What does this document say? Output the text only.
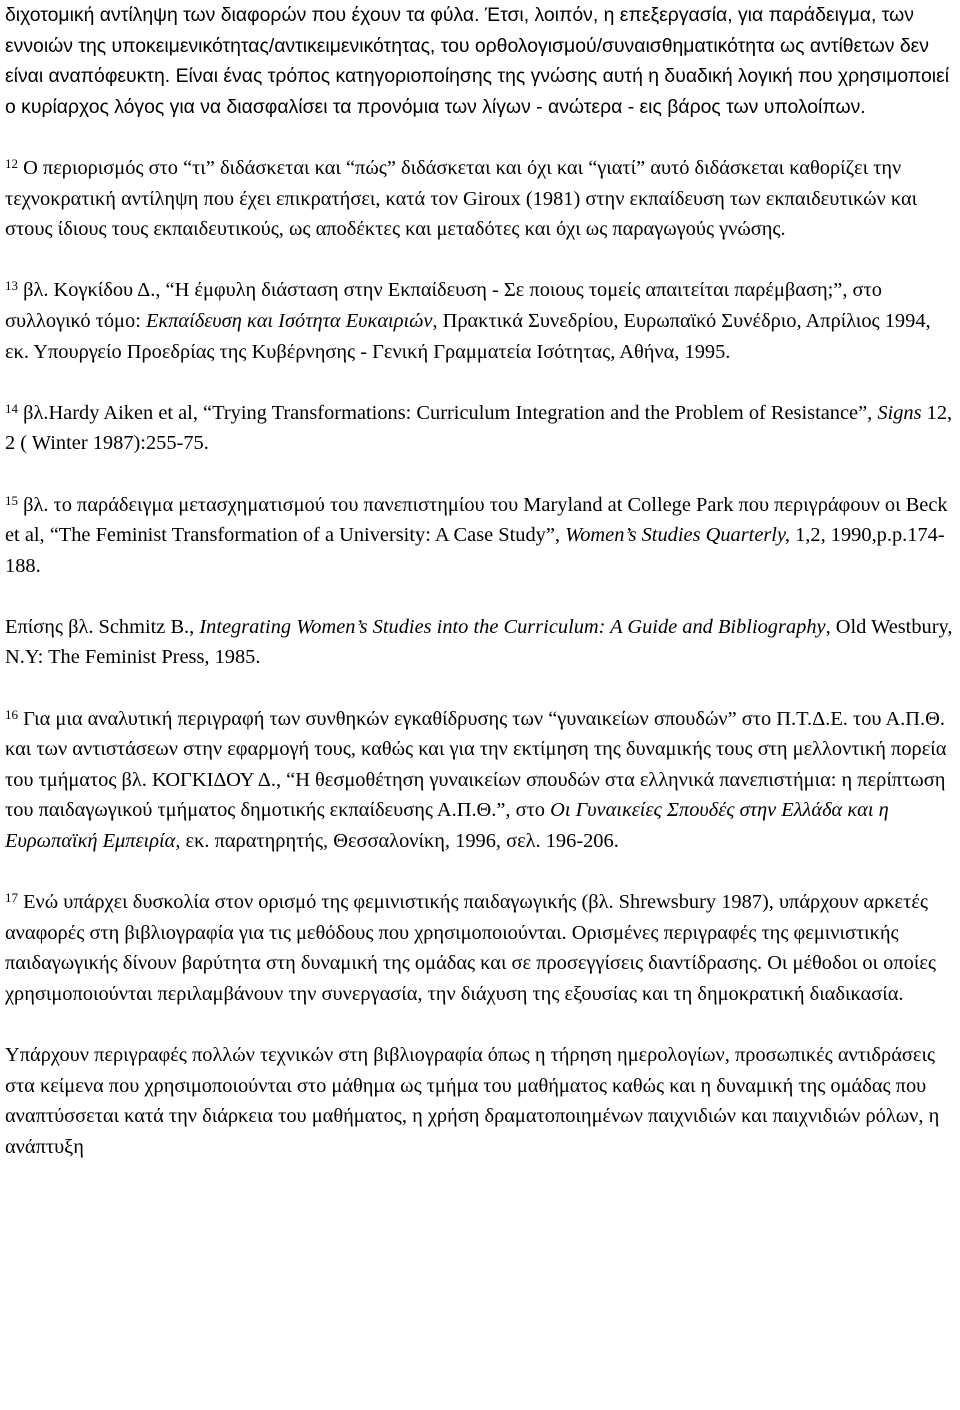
διχοτομική αντίληψη των διαφορών που έχουν τα φύλα. Έτσι, λοιπόν, η επεξεργασία, για παράδειγμα, των εννοιών της υποκειμενικότητας/αντικειμενικότητας, του ορθολογισμού/συναισθηματικότητα ως αντίθετων δεν είναι αναπόφευκτη. Είναι ένας τρόπος κατηγοριοποίησης της γνώσης αυτή η δυαδική λογική που χρησιμοποιεί ο κυρίαρχος λόγος για να διασφαλίσει τα προνόμια των λίγων - ανώτερα - εις βάρος των υπολοίπων.

$^{12}$ Ο περιορισμός στο “τι” διδάσκεται και “πώς” διδάσκεται και όχι και “γιατί” αυτό διδάσκεται καθορίζει την τεχνοκρατική αντίληψη που έχει επικρατήσει, κατά τον Giroux (1981) στην εκπαίδευση των εκπαιδευτικών και στους ίδιους τους εκπαιδευτικούς, ως αποδέκτες και μεταδότες και όχι ως παραγωγούς γνώσης.

$^{13}$ βλ. Κογκίδου Δ., “Η έμφυλη διάσταση στην Εκπαίδευση - Σε ποιους τομείς απαιτείται παρέμβαση;”, στο συλλογικό τόμο: Εκπαίδευση και Ισότητα Ευκαιριών, Πρακτικά Συνεδρίου, Ευρωπαϊκό Συνέδριο, Απρίλιος 1994, εκ. Υπουργείο Προεδρίας της Κυβέρνησης - Γενική Γραμματεία Ισότητας, Αθήνα, 1995.

$^{14}$ βλ.Hardy Aiken et al, “Trying Transformations: Curriculum Integration and the Problem of Resistance”, Signs 12, 2 ( Winter 1987):255-75.

$^{15}$ βλ. το παράδειγμα μετασχηματισμού του πανεπιστημίου του Maryland at College Park που περιγράφουν οι Beck et al, “The Feminist Transformation of a University: A Case Study”, Women’s Studies Quarterly, 1,2, 1990,p.p.174-188.

Επίσης βλ. Schmitz B., Integrating Women’s Studies into the Curriculum: A Guide and Bibliography, Old Westbury, N.Y: The Feminist Press, 1985.

$^{16}$ Για μια αναλυτική περιγραφή των συνθηκών εγκαθίδρυσης των “γυναικείων σπουδών” στο Π.Τ.Δ.Ε. του Α.Π.Θ. και των αντιστάσεων στην εφαρμογή τους, καθώς και για την εκτίμηση της δυναμικής τους στη μελλοντική πορεία του τμήματος βλ. ΚΟΓΚΙΔΟΥ Δ., “Η θεσμοθέτηση γυναικείων σπουδών στα ελληνικά πανεπιστήμια: η περίπτωση του παιδαγωγικού τμήματος δημοτικής εκπαίδευσης Α.Π.Θ.”, στο Οι Γυναικείες Σπουδές στην Ελλάδα και η Ευρωπαϊκή Εμπειρία, εκ. παρατηρητής, Θεσσαλονίκη, 1996, σελ. 196-206.

$^{17}$ Ενώ υπάρχει δυσκολία στον ορισμό της φεμινιστικής παιδαγωγικής (βλ. Shrewsbury 1987), υπάρχουν αρκετές αναφορές στη βιβλιογραφία για τις μεθόδους που χρησιμοποιούνται. Ορισμένες περιγραφές της φεμινιστικής παιδαγωγικής δίνουν βαρύτητα στη δυναμική της ομάδας και σε προσεγγίσεις διαντίδρασης. Οι μέθοδοι οι οποίες χρησιμοποιούνται περιλαμβάνουν την συνεργασία, την διάχυση της εξουσίας και τη δημοκρατική διαδικασία.

Υπάρχουν περιγραφές πολλών τεχνικών στη βιβλιογραφία όπως η τήρηση ημερολογίων, προσωπικές αντιδράσεις στα κείμενα που χρησιμοποιούνται στο μάθημα ως τμήμα του μαθήματος καθώς και η δυναμική της ομάδας που αναπτύσσεται κατά την διάρκεια του μαθήματος, η χρήση δραματοποιημένων παιχνιδιών και παιχνιδιών ρόλων, η ανάπτυξη
